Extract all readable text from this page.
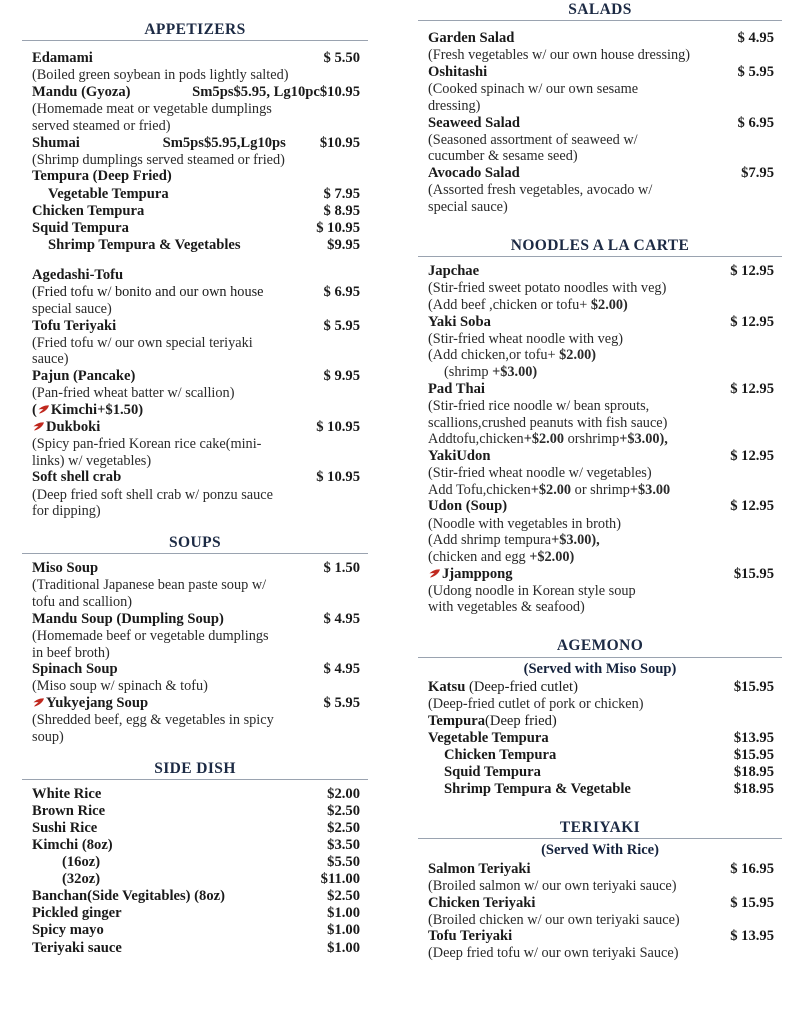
APPETIZERS
Edamami	$ 5.50
(Boiled green soybean in pods lightly salted)
Mandu (Gyoza)	Sm5ps$5.95, Lg10pc$10.95
(Homemade meat or vegetable dumplings
served steamed or fried)
Shumai	Sm5ps$5.95,Lg10ps	$10.95
(Shrimp dumplings served steamed or fried)
Tempura (Deep Fried)
Vegetable Tempura	$ 7.95
Chicken Tempura	$ 8.95
Squid Tempura	$ 10.95
Shrimp Tempura & Vegetables	$9.95
Agedashi-Tofu
(Fried tofu w/ bonito and our own house	$ 6.95
special sauce)
Tofu Teriyaki	$ 5.95
(Fried tofu w/ our own special teriyaki
sauce)
Pajun (Pancake)	$ 9.95
(Pan-fried wheat batter w/ scallion)
( Kimchi+$1.50)
Dukboki	$ 10.95
(Spicy pan-fried Korean rice cake(mini-
links) w/ vegetables)
Soft shell crab	$ 10.95
(Deep fried soft shell crab w/ ponzu sauce
for dipping)
SOUPS
Miso Soup	$ 1.50
(Traditional Japanese bean paste soup w/
tofu and scallion)
Mandu Soup (Dumpling Soup)	$ 4.95
(Homemade beef or vegetable dumplings
in beef broth)
Spinach Soup	$ 4.95
(Miso soup w/ spinach & tofu)
Yukyejang Soup	$ 5.95
(Shredded beef, egg & vegetables in spicy
soup)
SIDE DISH
White Rice	$2.00
Brown Rice	$2.50
Sushi Rice	$2.50
Kimchi (8oz)	$3.50
(16oz)	$5.50
(32oz)	$11.00
Banchan(Side Vegitables) (8oz)	$2.50
Pickled ginger	$1.00
Spicy mayo	$1.00
Teriyaki sauce	$1.00
SALADS
Garden Salad	$ 4.95
(Fresh vegetables w/ our own house dressing)
Oshitashi	$ 5.95
(Cooked spinach w/ our own sesame
dressing)
Seaweed Salad	$ 6.95
(Seasoned assortment of seaweed w/
cucumber & sesame seed)
Avocado Salad	$7.95
(Assorted fresh vegetables, avocado w/
special sauce)
NOODLES A LA CARTE
Japchae	$ 12.95
(Stir-fried sweet potato noodles with veg)
(Add beef ,chicken or tofu+ $2.00)
Yaki Soba	$ 12.95
(Stir-fried wheat noodle with veg)
(Add chicken,or tofu+ $2.00)
(shrimp +$3.00)
Pad Thai	$ 12.95
(Stir-fried rice noodle w/ bean sprouts,
scallions,crushed peanuts with fish sauce)
Addtofu,chicken+$2.00 orshrimp+$3.00),
YakiUdon	$ 12.95
(Stir-fried wheat noodle w/ vegetables)
Add Tofu,chicken+$2.00 or shrimp+$3.00
Udon (Soup)	$ 12.95
(Noodle with vegetables in broth)
(Add shrimp tempura+$3.00),
(chicken and egg +$2.00)
Jjamppong	$15.95
(Udong noodle in Korean style soup
with vegetables & seafood)
AGEMONO
(Served with Miso Soup)
Katsu (Deep-fried cutlet)	$15.95
(Deep-fried cutlet of pork or chicken)
Tempura(Deep fried)
Vegetable Tempura	$13.95
Chicken Tempura	$15.95
Squid Tempura	$18.95
Shrimp Tempura & Vegetable	$18.95
TERIYAKI
(Served With Rice)
Salmon Teriyaki	$ 16.95
(Broiled salmon w/ our own teriyaki sauce)
Chicken Teriyaki	$ 15.95
(Broiled chicken w/ our own teriyaki sauce)
Tofu Teriyaki	$ 13.95
(Deep fried tofu w/ our own teriyaki Sauce)
